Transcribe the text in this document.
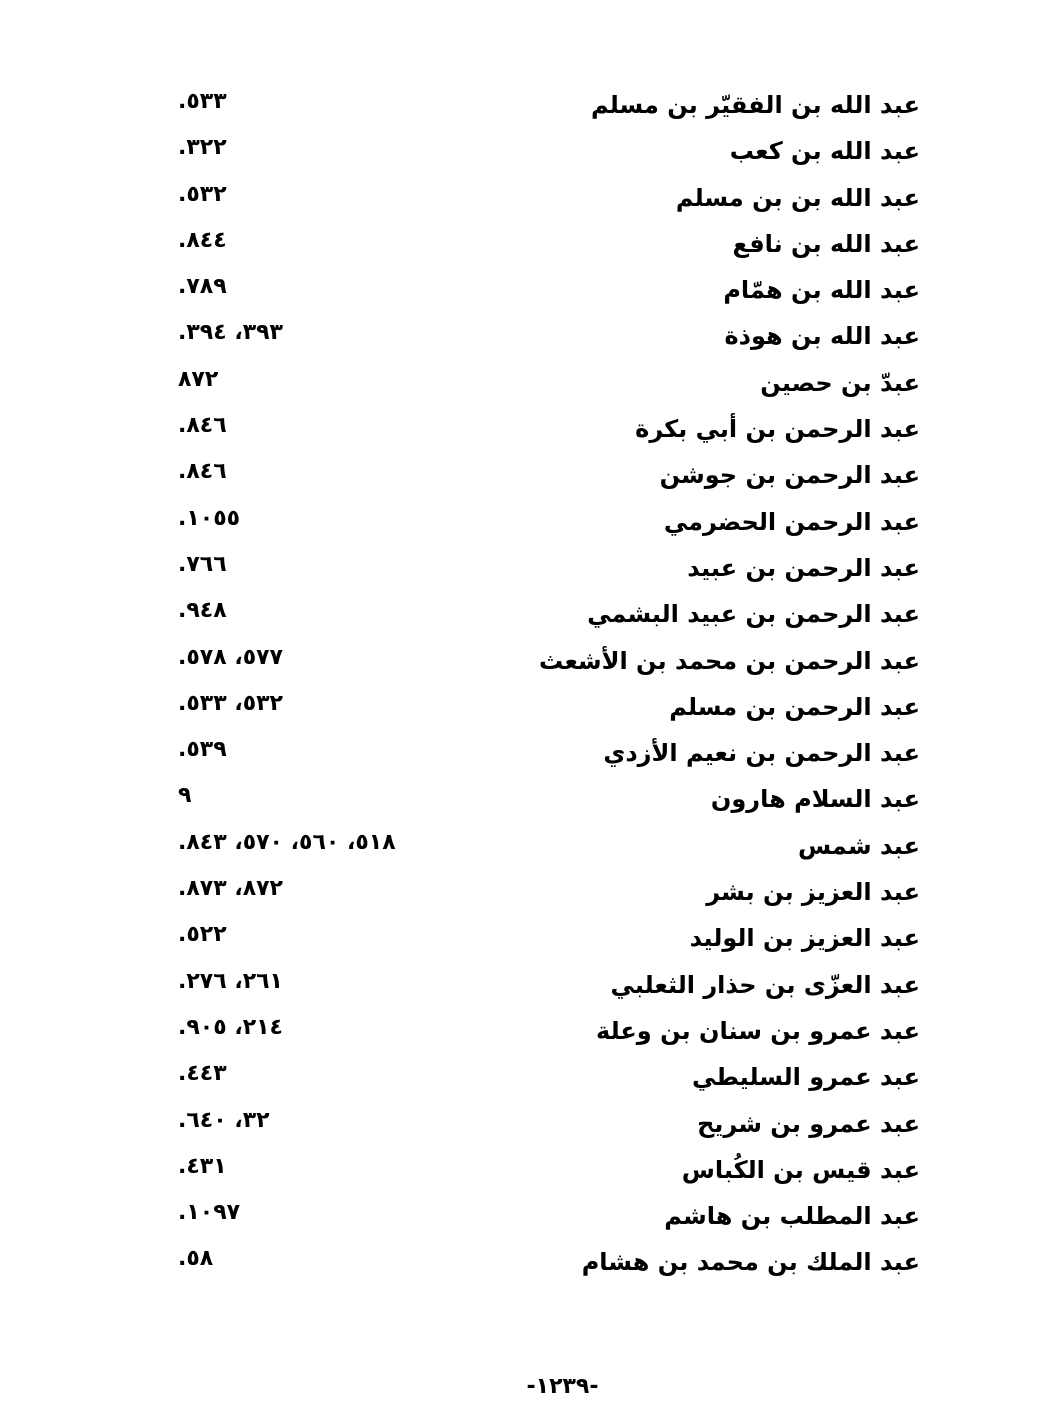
عبد الله بن الفقيّر بن مسلم
٥٣٣.
عبد الله بن كعب
٣٢٢.
عبد الله بن بن مسلم
٥٣٢.
عبد الله بن نافع
٨٤٤.
عبد الله بن همّام
٧٨٩.
عبد الله بن هوذة
٣٩٣، ٣٩٤.
عبدّ بن حصين
٨٧٢
عبد الرحمن بن أبي بكرة
٨٤٦.
عبد الرحمن بن جوشن
٨٤٦.
عبد الرحمن الحضرمي
١٠٥٥.
عبد الرحمن بن عبيد
٧٦٦.
عبد الرحمن بن عبيد البشمي
٩٤٨.
عبد الرحمن بن محمد بن الأشعث
٥٧٧، ٥٧٨.
عبد الرحمن بن مسلم
٥٣٢، ٥٣٣.
عبد الرحمن بن نعيم الأزدي
٥٣٩.
عبد السلام هارون
٩
عبد شمس
٥١٨، ٥٦٠، ٥٧٠، ٨٤٣.
عبد العزيز بن بشر
٨٧٢، ٨٧٣.
عبد العزيز بن الوليد
٥٢٢.
عبد العزّى بن حذار الثعلبي
٢٦١، ٢٧٦.
عبد عمرو بن سنان بن وعلة
٢١٤، ٩٠٥.
عبد عمرو السليطي
٤٤٣.
عبد عمرو بن شريح
٣٢، ٦٤٠.
عبد قيس بن الكُباس
٤٣١.
عبد المطلب بن هاشم
١٠٩٧.
عبد الملك بن محمد بن هشام
٥٨.
-١٢٣٩-
